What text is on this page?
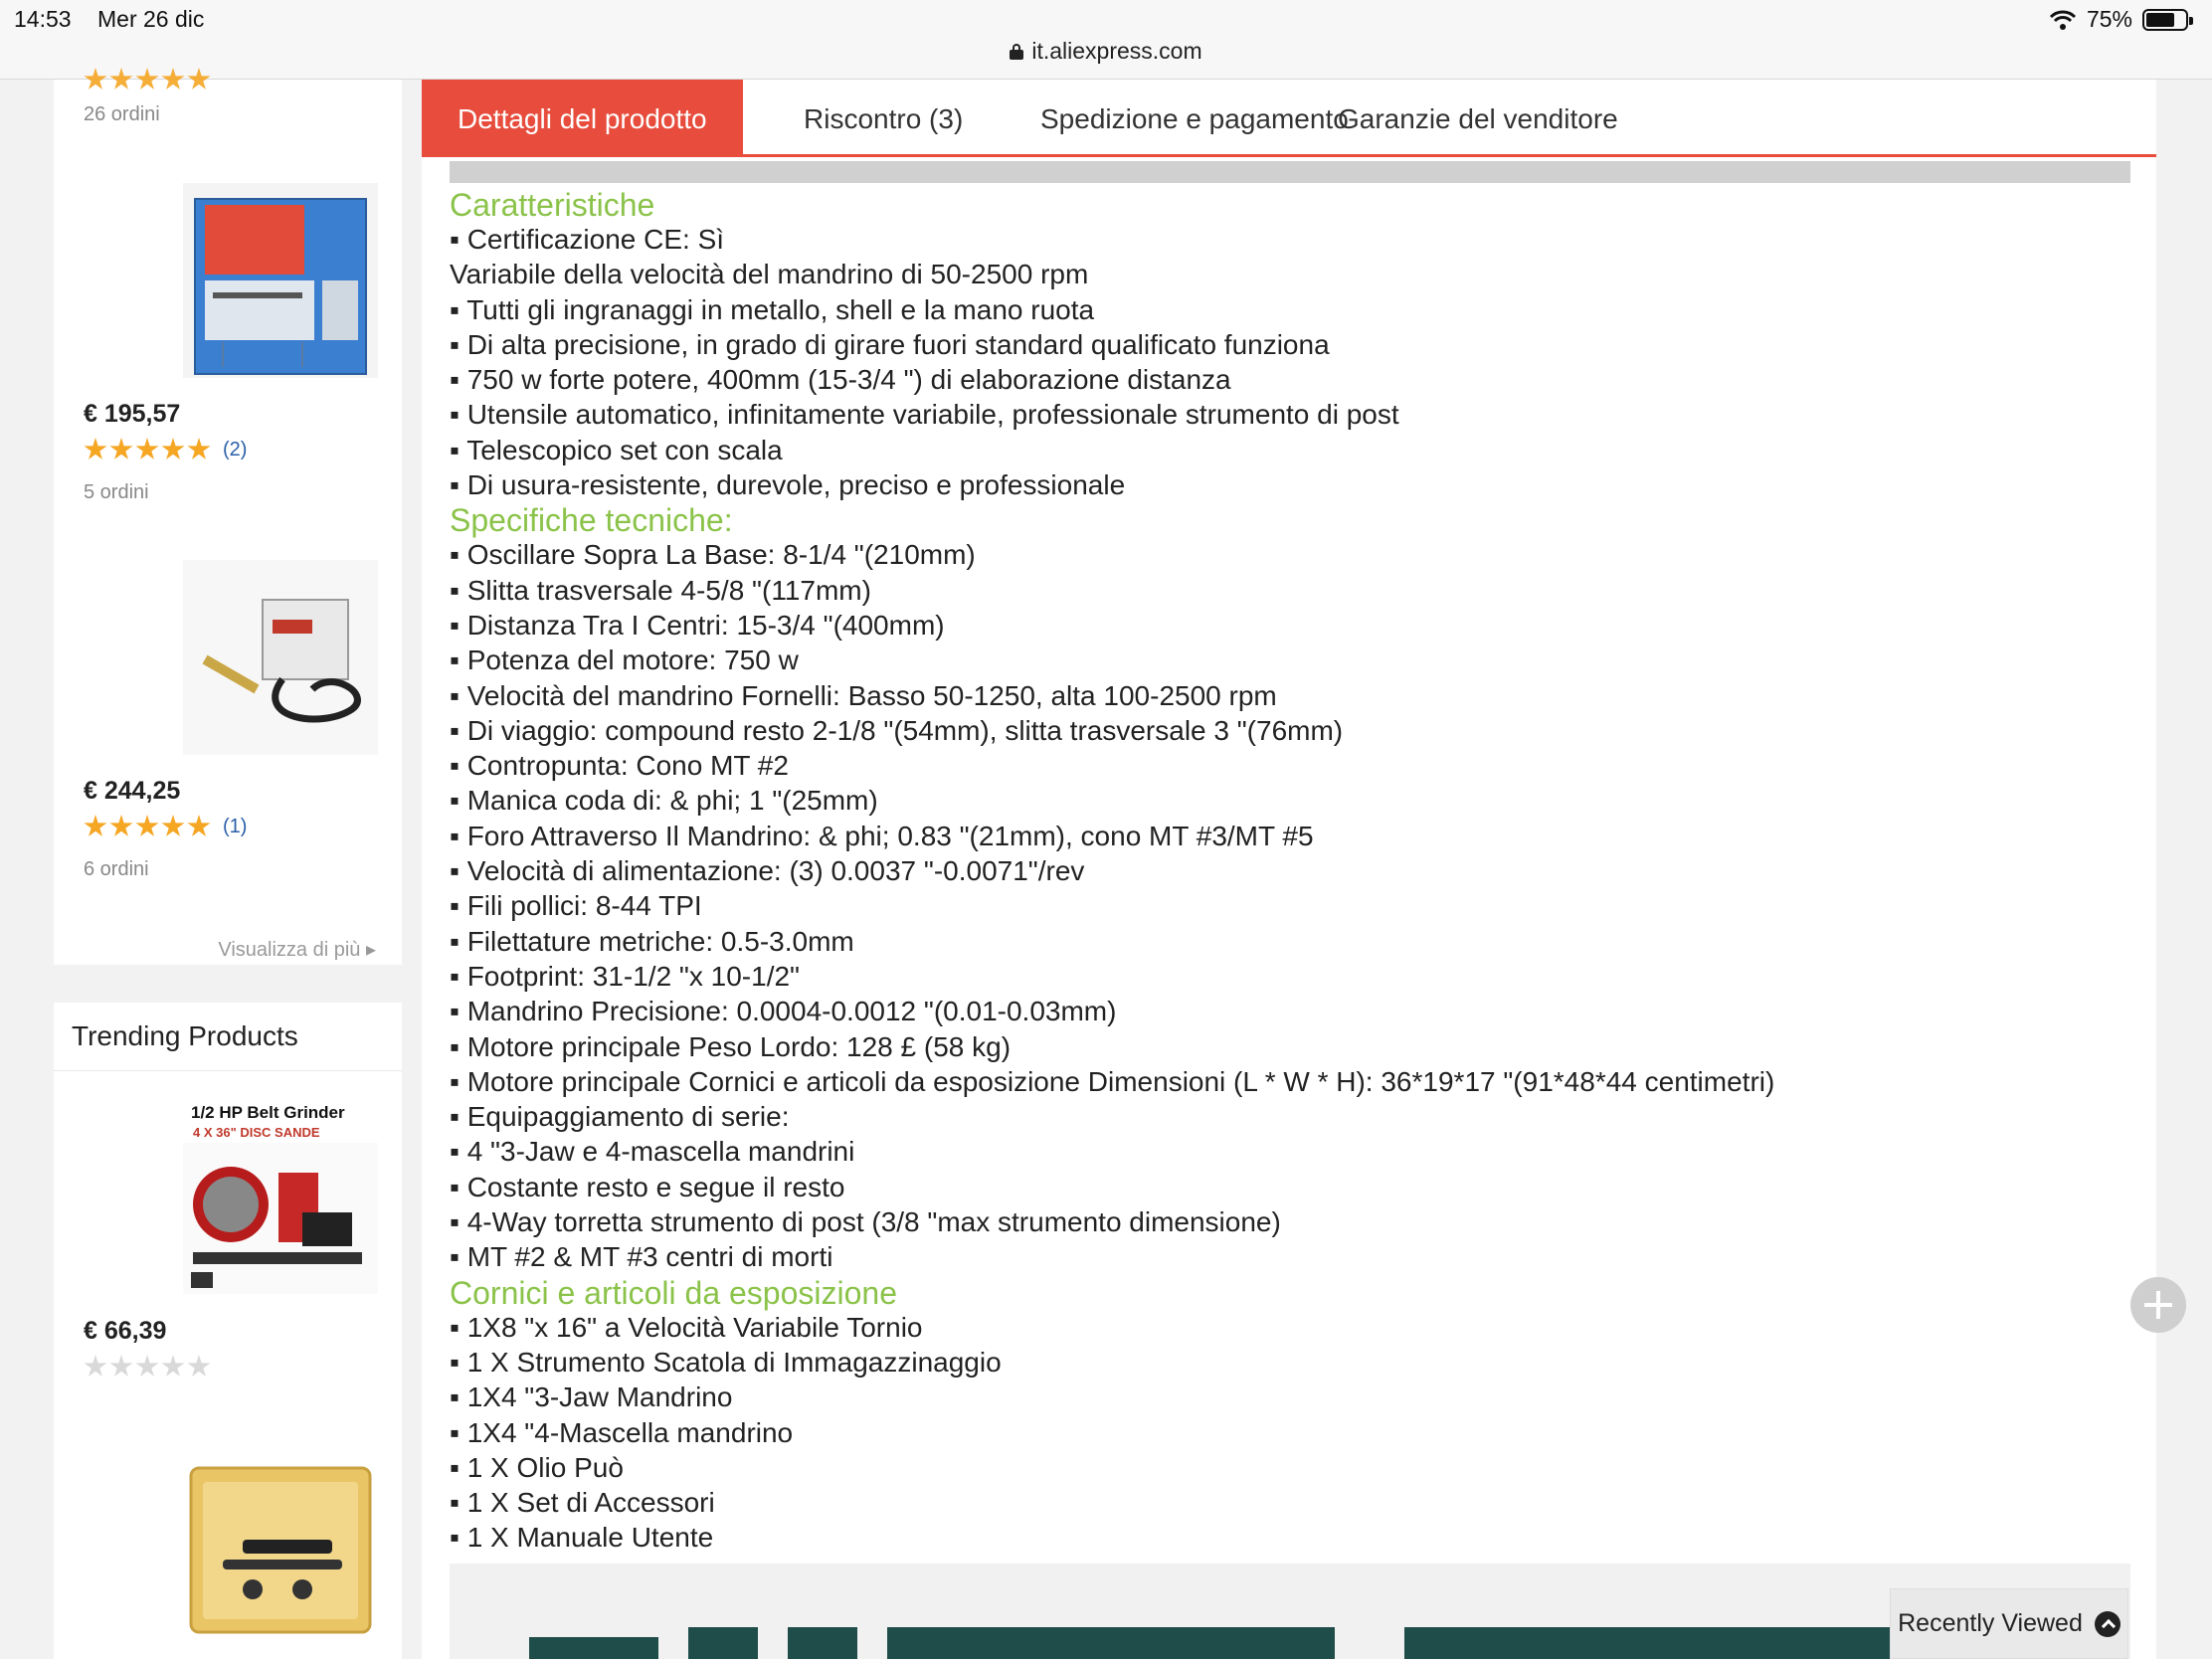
14:53 Mer 26 dic	75%
it.aliexpress.com
26 ordini
€ 195,57
(2)
5 ordini
€ 244,25
(1)
6 ordini
Visualizza di più ▸
Trending Products
1/2 HP Belt Grinder
4 X 36" DISC SANDE
€ 66,39
Dettagli del prodotto	Riscontro (3)	Spedizione e pagamento
Garanzie del venditore
Caratteristiche
▪ Certificazione CE: Sì
Variabile della velocità del mandrino di 50-2500 rpm
▪ Tutti gli ingranaggi in metallo, shell e la mano ruota
▪ Di alta precisione, in grado di girare fuori standard qualificato funziona
▪ 750 w forte potere, 400mm (15-3/4 ") di elaborazione distanza
▪ Utensile automatico, infinitamente variabile, professionale strumento di post
▪ Telescopico set con scala
▪ Di usura-resistente, durevole, preciso e professionale
Specifiche tecniche:
▪ Oscillare Sopra La Base: 8-1/4 "(210mm)
▪ Slitta trasversale 4-5/8 "(117mm)
▪ Distanza Tra I Centri: 15-3/4 "(400mm)
▪ Potenza del motore: 750 w
▪ Velocità del mandrino Fornelli: Basso 50-1250, alta 100-2500 rpm
▪ Di viaggio: compound resto 2-1/8 "(54mm), slitta trasversale 3 "(76mm)
▪ Contropunta: Cono MT #2
▪ Manica coda di: & phi; 1 "(25mm)
▪ Foro Attraverso Il Mandrino: & phi; 0.83 "(21mm), cono MT #3/MT #5
▪ Velocità di alimentazione: (3) 0.0037 "-0.0071"/rev
▪ Fili pollici: 8-44 TPI
▪ Filettature metriche: 0.5-3.0mm
▪ Footprint: 31-1/2 "x 10-1/2"
▪ Mandrino Precisione: 0.0004-0.0012 "(0.01-0.03mm)
▪ Motore principale Peso Lordo: 128 £ (58 kg)
▪ Motore principale Cornici e articoli da esposizione Dimensioni (L * W * H): 36*19*17 "(91*48*44 centimetri)
▪ Equipaggiamento di serie:
▪ 4 "3-Jaw e 4-mascella mandrini
▪ Costante resto e segue il resto
▪ 4-Way torretta strumento di post (3/8 "max strumento dimensione)
▪ MT #2 & MT #3 centri di morti
Cornici e articoli da esposizione
▪ 1X8 "x 16" a Velocità Variabile Tornio
▪ 1 X Strumento Scatola di Immagazzinaggio
▪ 1X4 "3-Jaw Mandrino
▪ 1X4 "4-Mascella mandrino
▪ 1 X Olio Può
▪ 1 X Set di Accessori
▪ 1 X Manuale Utente
Recently Viewed
